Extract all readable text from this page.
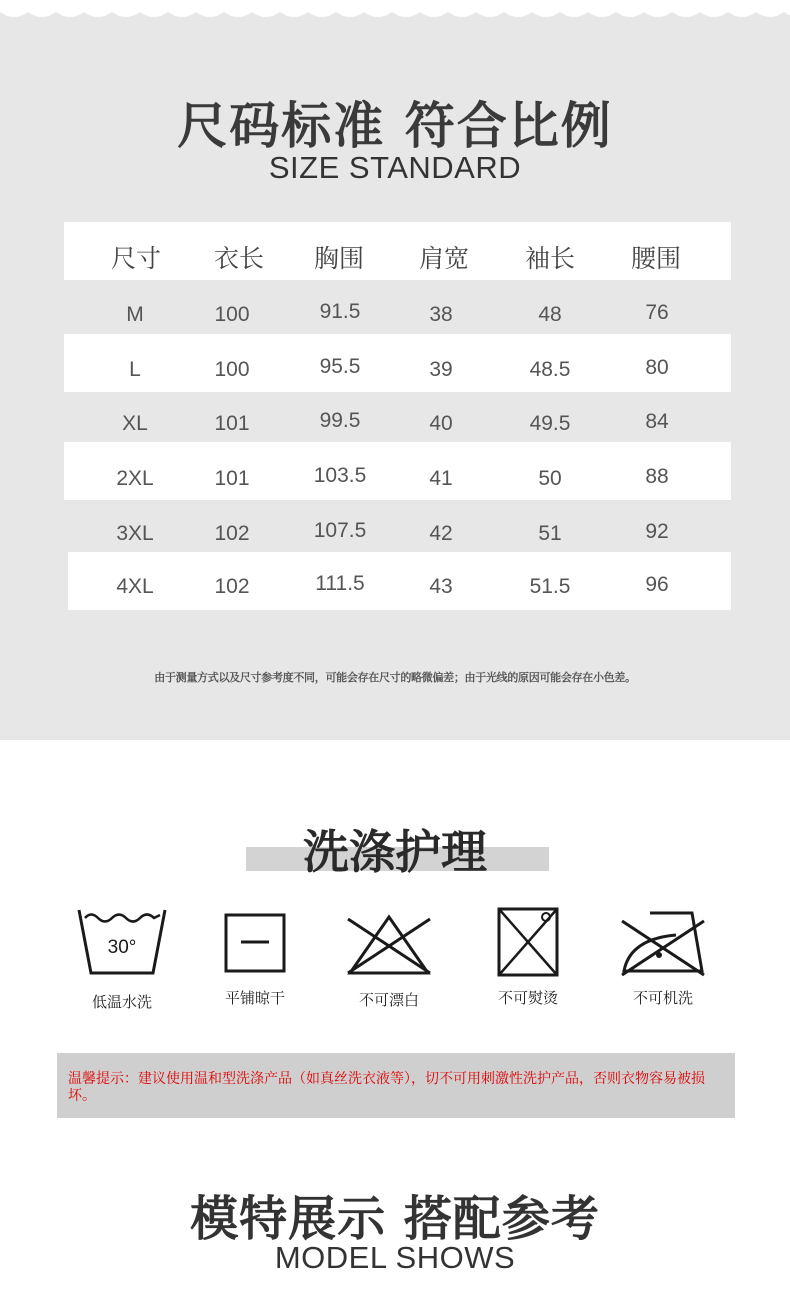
尺码标准 符合比例
SIZE STANDARD
尺寸	衣长	胸围	肩宽	袖长	腰围
M	100	91.5	38	48	76
L	100	95.5	39	48.5	80
XL	101	99.5	40	49.5	84
2XL	101	103.5	41	50	88
3XL	102	107.5	42	51	92
4XL	102	111.5	43	51.5	96
由于测量方式以及尺寸参考度不同，可能会存在尺寸的略微偏差；由于光线的原因可能会存在小色差。
洗涤护理
30°
低温水洗	平铺晾干	不可漂白	不可熨烫	不可机洗
温馨提示：建议使用温和型洗涤产品（如真丝洗衣液等），切不可用刺激性洗护产品，否则衣物容易被损坏。
模特展示 搭配参考
MODEL SHOWS
